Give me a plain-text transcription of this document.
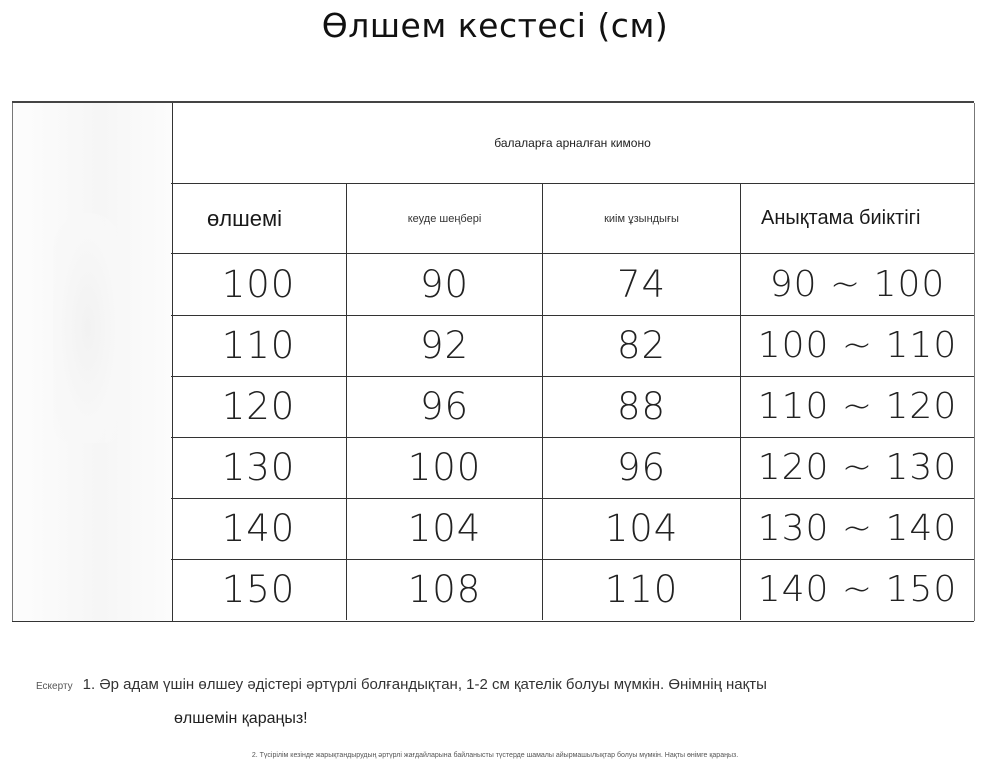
Өлшем кестесі (см)
балаларға арналған кимоно
өлшемі	кеуде шеңбері	киім ұзындығы	Анықтама биіктігі
100	90	74	90 ~ 100
110	92	82	100 ~ 110
120	96	88	110 ~ 120
130	100	96	120 ~ 130
140	104	104	130 ~ 140
150	108	110	140 ~ 150
Ескерту 1. Әр адам үшін өлшеу әдістері әртүрлі болғандықтан, 1-2 см қателік болуы мүмкін. Өнімнің нақты
өлшемін қараңыз!
2. Түсірілім кезінде жарықтандырудың әртүрлі жағдайларына байланысты түстерде шамалы айырмашылықтар болуы мүмкін. Нақты өнімге қараңыз.
